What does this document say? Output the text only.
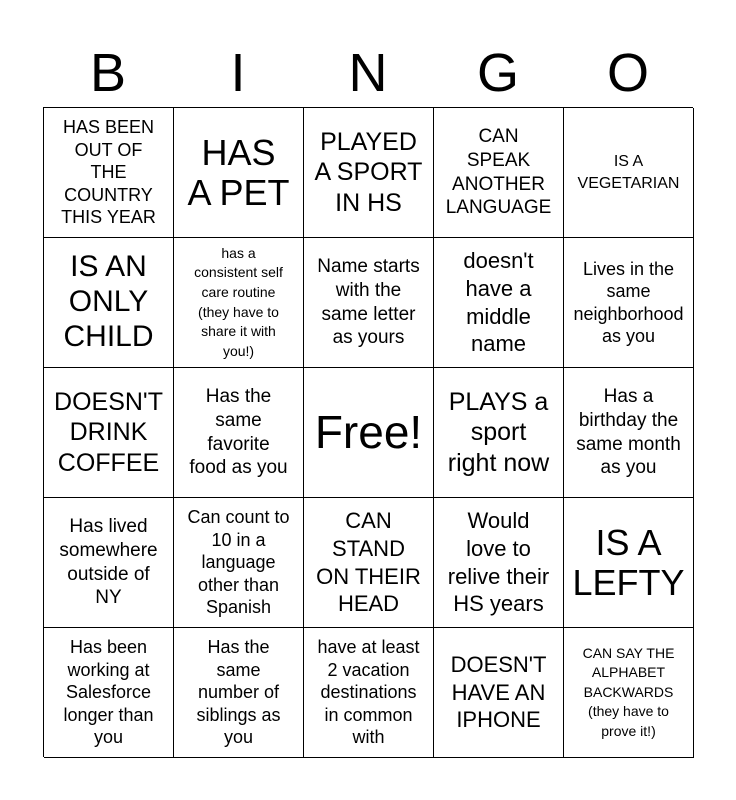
B	I	N	G	O
HAS BEEN
OUT OF
THE
COUNTRY
THIS YEAR
HAS
A PET
PLAYED
A SPORT
IN HS
CAN
SPEAK
ANOTHER
LANGUAGE
IS A
VEGETARIAN
IS AN
ONLY
CHILD
has a
consistent self
care routine
(they have to
share it with
you!)
Name starts
with the
same letter
as yours
doesn't
have a
middle
name
Lives in the
same
neighborhood
as you
DOESN'T
DRINK
COFFEE
Has the
same
favorite
food as you
Free!
PLAYS a
sport
right now
Has a
birthday the
same month
as you
Has lived
somewhere
outside of
NY
Can count to
10 in a
language
other than
Spanish
CAN
STAND
ON THEIR
HEAD
Would
love to
relive their
HS years
IS A
LEFTY
Has been
working at
Salesforce
longer than
you
Has the
same
number of
siblings as
you
have at least
2 vacation
destinations
in common
with
DOESN'T
HAVE AN
IPHONE
CAN SAY THE
ALPHABET
BACKWARDS
(they have to
prove it!)
